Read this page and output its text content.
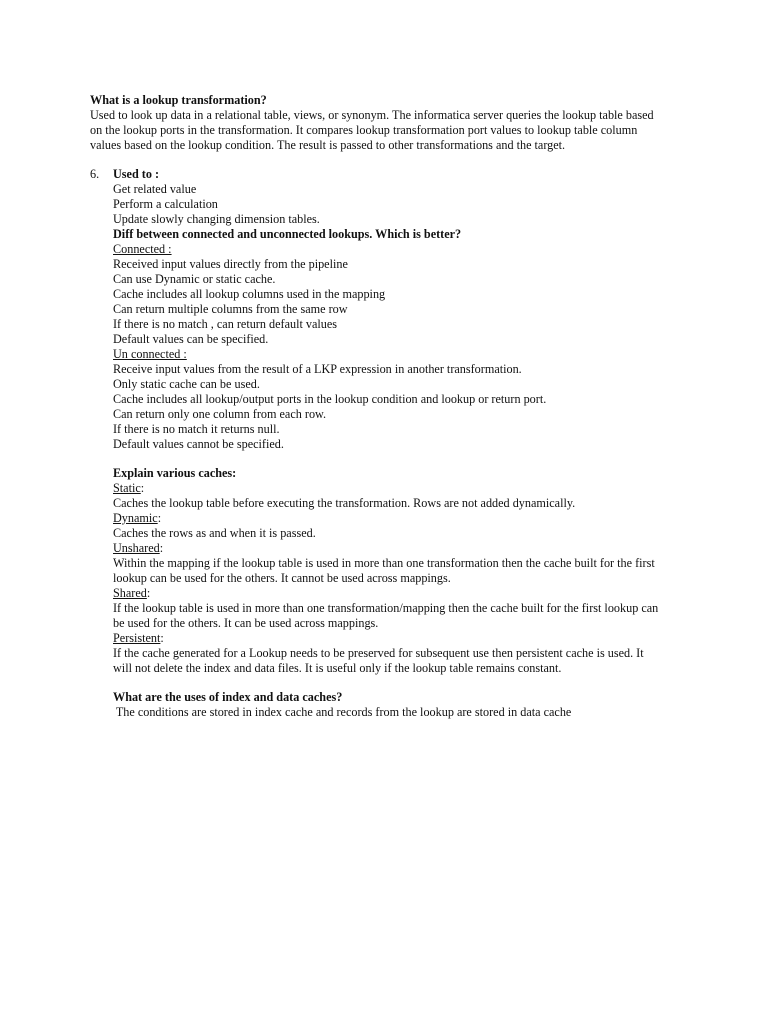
What is a lookup transformation?
Used to look up data in a relational table, views, or synonym. The informatica server queries the lookup table based
on the lookup ports in the transformation. It compares lookup transformation port values to lookup table column
values based on the lookup condition. The result is passed to other transformations and the target.
6. Used to :
Get related value
Perform a calculation
Update slowly changing dimension tables.
Diff between connected and unconnected lookups. Which is better?
Connected :
Received input values directly from the pipeline
Can use Dynamic or static cache.
Cache includes all lookup columns used in the mapping
Can return multiple columns from the same row
If there is no match , can return default values
Default values can be specified.
Un connected :
Receive input values from the result of a LKP expression in another transformation.
Only static cache can be used.
Cache includes all lookup/output ports in the lookup condition and lookup or return port.
Can return only one column from each row.
If there is no match it returns null.
Default values cannot be specified.
Explain various caches:
Static:
Caches the lookup table before executing the transformation. Rows are not added dynamically.
Dynamic:
Caches the rows as and when it is passed.
Unshared:
Within the mapping if the lookup table is used in more than one transformation then the cache built for the first
lookup can be used for the others. It cannot be used across mappings.
Shared:
If the lookup table is used in more than one transformation/mapping then the cache built for the first lookup can
be used for the others. It can be used across mappings.
Persistent:
If the cache generated for a Lookup needs to be preserved for subsequent use then persistent cache is used. It
will not delete the index and data files. It is useful only if the lookup table remains constant.
What are the uses of index and data caches?
The conditions are stored in index cache and records from the lookup are stored in data cache
